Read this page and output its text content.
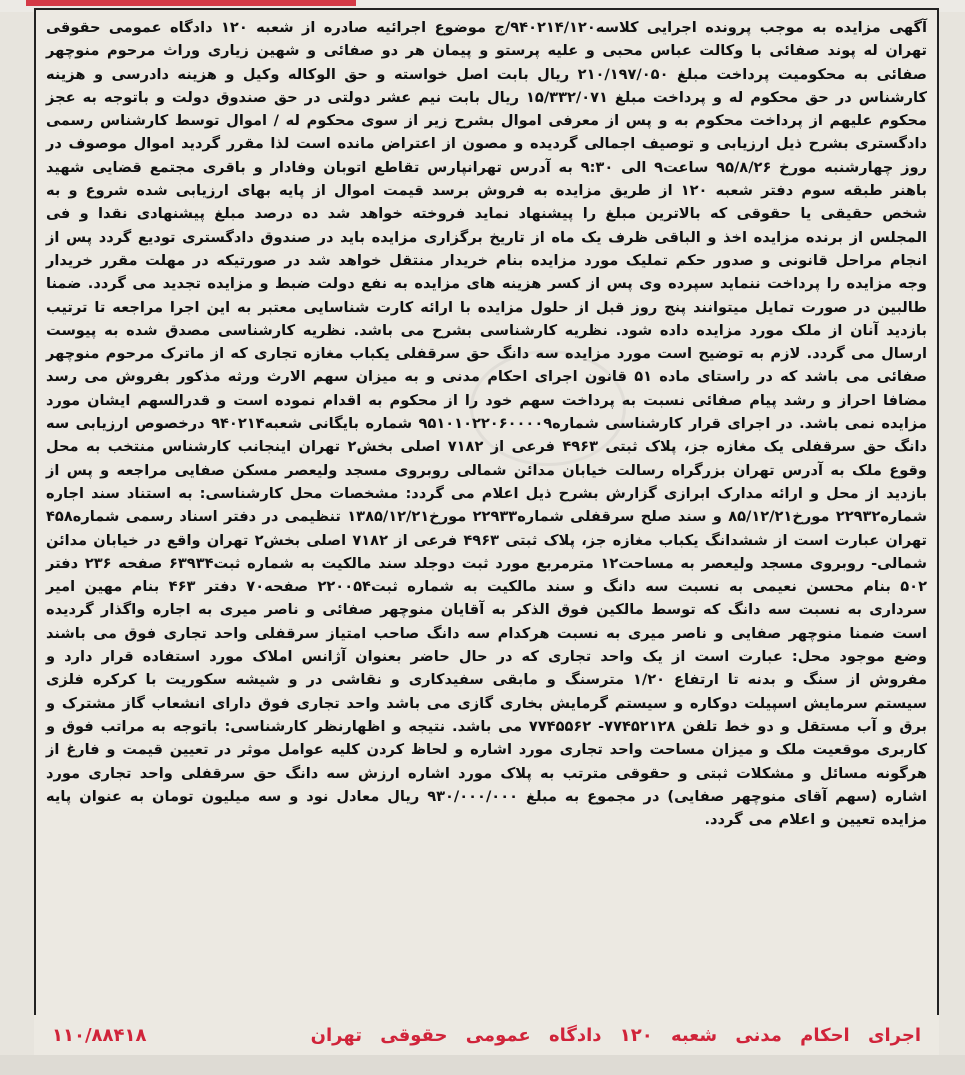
آگهی مزایده به موجب پرونده اجرایی کلاسه۹۴۰۲۱۴/۱۲۰/ج موضوع اجرائیه صادره از شعبه ۱۲۰ دادگاه عمومی حقوقی تهران له پوند صفائی با وکالت عباس محبی و علیه پرستو و پیمان هر دو صفائی و شهین زیاری وراث مرحوم منوچهر صفائی به محکومیت پرداخت مبلغ ۲۱۰/۱۹۷/۰۵۰ ریال بابت اصل خواسته و حق الوکاله وکیل و هزینه دادرسی و هزینه کارشناس در حق محکوم له و پرداخت مبلغ ۱۵/۳۳۲/۰۷۱ ریال بابت نیم عشر دولتی در حق صندوق دولت و باتوجه به عجز محکوم علیهم از پرداخت محکوم به و پس از معرفی اموال بشرح زیر از سوی محکوم له / اموال توسط کارشناس رسمی دادگستری بشرح ذیل ارزیابی و توصیف اجمالی گردیده و مصون از اعتراض مانده است لذا مقرر گردید اموال موصوف در روز چهارشنبه مورخ ۹۵/۸/۲۶ ساعت۹ الی ۹:۳۰ به آدرس تهرانپارس تقاطع اتوبان وفادار و باقری مجتمع قضایی شهید باهنر طبقه سوم دفتر شعبه ۱۲۰ از طریق مزایده به فروش برسد قیمت اموال از پایه بهای ارزیابی شده شروع و به شخص حقیقی یا حقوقی که بالاترین مبلغ را پیشنهاد نماید فروخته خواهد شد ده درصد مبلغ پیشنهادی نقدا و فی المجلس از برنده مزایده اخذ و الباقی ظرف یک ماه از تاریخ برگزاری مزایده باید در صندوق دادگستری تودیع گردد پس از انجام مراحل قانونی و صدور حکم تملیک مورد مزایده بنام خریدار منتقل خواهد شد در صورتیکه در مهلت مقرر خریدار وجه مزایده را پرداخت ننماید سپرده وی پس از کسر هزینه های مزایده به نفع دولت ضبط و مزایده تجدید می گردد. ضمنا طالبین در صورت تمایل میتوانند پنج روز قبل از حلول مزایده با ارائه کارت شناسایی معتبر به این اجرا مراجعه تا ترتیب بازدید آنان از ملک مورد مزایده داده شود. نظریه کارشناسی بشرح می باشد. نظریه کارشناسی مصدق شده به پیوست ارسال می گردد. لازم به توضیح است مورد مزایده سه دانگ حق سرقفلی یکباب مغازه تجاری که از ماترک مرحوم منوچهر صفائی می باشد که در راستای ماده ۵۱ قانون اجرای احکام مدنی و به میزان سهم الارث ورثه مذکور بفروش می رسد مضافا احراز و رشد پیام صفائی نسبت به پرداخت سهم خود را از محکوم به اقدام نموده است و قدرالسهم ایشان مورد مزایده نمی باشد. در اجرای قرار کارشناسی شماره۹۵۱۰۱۰۲۲۰۶۰۰۰۰۹ شماره بایگانی شعبه۹۴۰۲۱۴ درخصوص ارزیابی سه دانگ حق سرقفلی یک مغازه جز، پلاک ثبتی ۴۹۶۳ فرعی از ۷۱۸۲ اصلی بخش۲ تهران اینجانب کارشناس منتخب به محل وقوع ملک به آدرس تهران بزرگراه رسالت خیابان مدائن شمالی روبروی مسجد ولیعصر مسکن صفایی مراجعه و پس از بازدید از محل و ارائه مدارک ابرازی گزارش بشرح ذیل اعلام می گردد: مشخصات محل کارشناسی: به استناد سند اجاره شماره۲۲۹۳۲ مورخ۸۵/۱۲/۲۱ و سند صلح سرقفلی شماره۲۲۹۳۳ مورخ۱۳۸۵/۱۲/۲۱ تنظیمی در دفتر اسناد رسمی شماره۴۵۸ تهران عبارت است از ششدانگ یکباب مغازه جز، پلاک ثبتی ۴۹۶۳ فرعی از ۷۱۸۲ اصلی بخش۲ تهران واقع در خیابان مدائن شمالی- روبروی مسجد ولیعصر به مساحت۱۲ مترمربع مورد ثبت دوجلد سند مالکیت به شماره ثبت۶۳۹۳۴ صفحه ۲۳۶ دفتر ۵۰۲ بنام محسن نعیمی به نسبت سه دانگ و سند مالکیت به شماره ثبت۲۲۰۰۵۴ صفحه۷۰ دفتر ۴۶۳ بنام مهین امیر سرداری به نسبت سه دانگ که توسط مالکین فوق الذکر به آقایان منوچهر صفائی و ناصر میری به اجاره واگذار گردیده است ضمنا منوچهر صفایی و ناصر میری به نسبت هرکدام سه دانگ صاحب امتیاز سرقفلی واحد تجاری فوق می باشند وضع موجود محل: عبارت است از یک واحد تجاری که در حال حاضر بعنوان آژانس املاک مورد استفاده قرار دارد و مفروش از سنگ و بدنه تا ارتفاع ۱/۲۰ مترسنگ و مابقی سفیدکاری و نقاشی در و شیشه سکوریت با کرکره فلزی سیستم سرمایش اسپیلت دوکاره و سیستم گرمایش بخاری گازی می باشد واحد تجاری فوق دارای انشعاب گاز مشترک و برق و آب مستقل و دو خط تلفن ۷۷۴۵۲۱۲۸- ۷۷۴۵۵۶۲ می باشد. نتیجه و اظهارنظر کارشناسی: باتوجه به مراتب فوق و کاربری موقعیت ملک و میزان مساحت واحد تجاری مورد اشاره و لحاظ کردن کلیه عوامل موثر در تعیین قیمت و فارغ از هرگونه مسائل و مشکلات ثبتی و حقوقی مترتب به پلاک مورد اشاره ارزش سه دانگ حق سرقفلی واحد تجاری مورد اشاره (سهم آقای منوچهر صفایی) در مجموع به مبلغ ۹۳۰/۰۰۰/۰۰۰ ریال معادل نود و سه میلیون تومان به عنوان پایه مزایده تعیین و اعلام می گردد.

اجرای احکام مدنی شعبه ۱۲۰ دادگاه عمومی حقوقی تهران
۱۱۰/۸۸۴۱۸
